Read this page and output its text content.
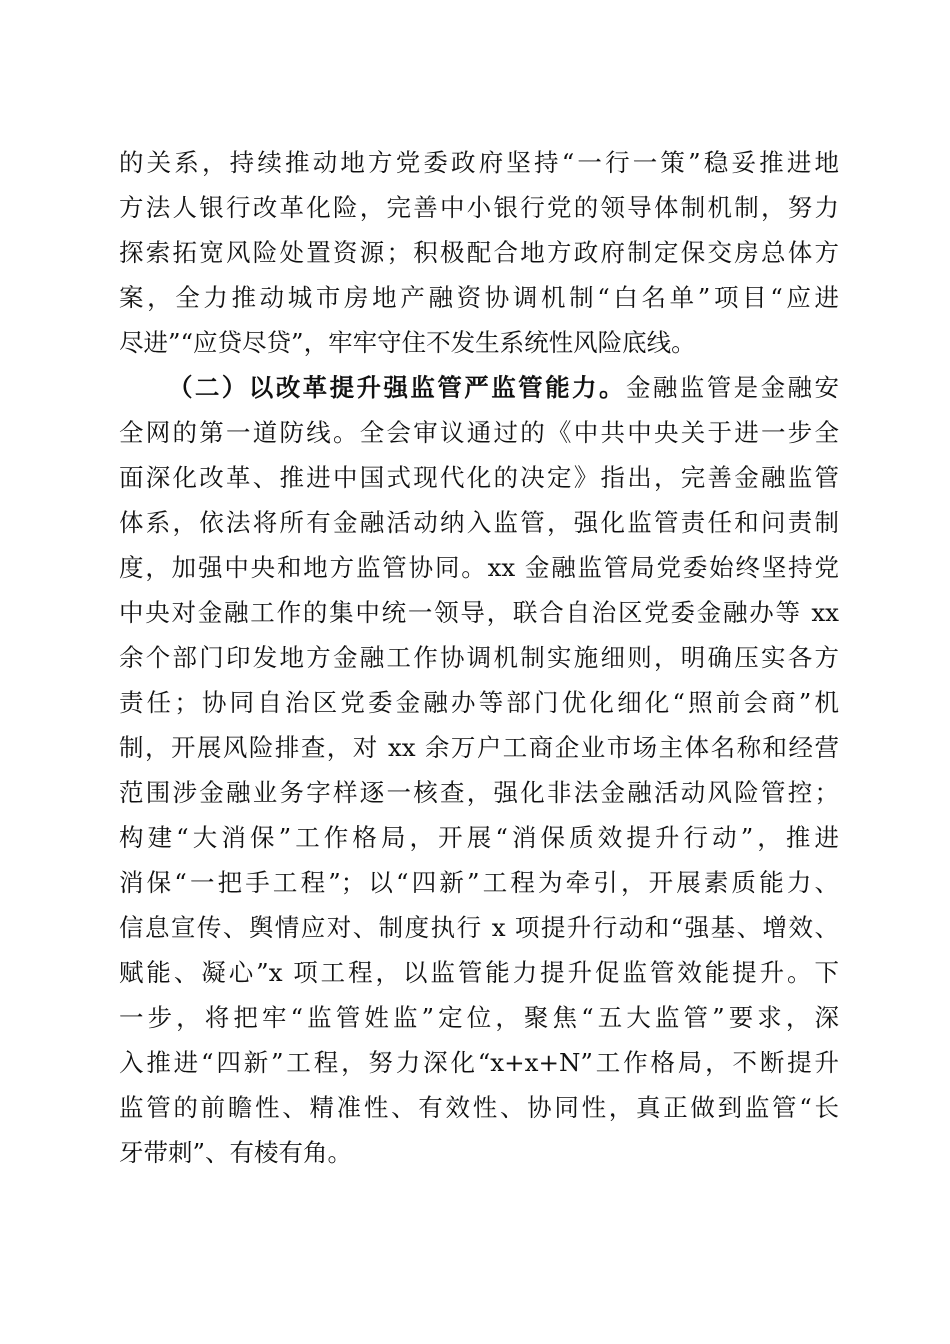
的关系，持续推动地方党委政府坚持“一行一策”稳妥推进地
方法人银行改革化险，完善中小银行党的领导体制机制，努力
探索拓宽风险处置资源；积极配合地方政府制定保交房总体方
案，全力推动城市房地产融资协调机制“白名单”项目“应进
尽进”“应贷尽贷”，牢牢守住不发生系统性风险底线。
（二）以改革提升强监管严监管能力。金融监管是金融安
全网的第一道防线。全会审议通过的《中共中央关于进一步全
面深化改革、推进中国式现代化的决定》指出，完善金融监管
体系，依法将所有金融活动纳入监管，强化监管责任和问责制
度，加强中央和地方监管协同。xx 金融监管局党委始终坚持党
中央对金融工作的集中统一领导，联合自治区党委金融办等 xx
余个部门印发地方金融工作协调机制实施细则，明确压实各方
责任；协同自治区党委金融办等部门优化细化“照前会商”机
制，开展风险排查，对 xx 余万户工商企业市场主体名称和经营
范围涉金融业务字样逐一核查，强化非法金融活动风险管控；
构建“大消保”工作格局，开展“消保质效提升行动”，推进
消保“一把手工程”；以“四新”工程为牵引，开展素质能力、
信息宣传、舆情应对、制度执行 x 项提升行动和“强基、增效、
赋能、凝心”x 项工程，以监管能力提升促监管效能提升。下
一步，将把牢“监管姓监”定位，聚焦“五大监管”要求，深
入推进“四新”工程，努力深化“x+x+N”工作格局，不断提升
监管的前瞻性、精准性、有效性、协同性，真正做到监管“长
牙带刺”、有棱有角。
